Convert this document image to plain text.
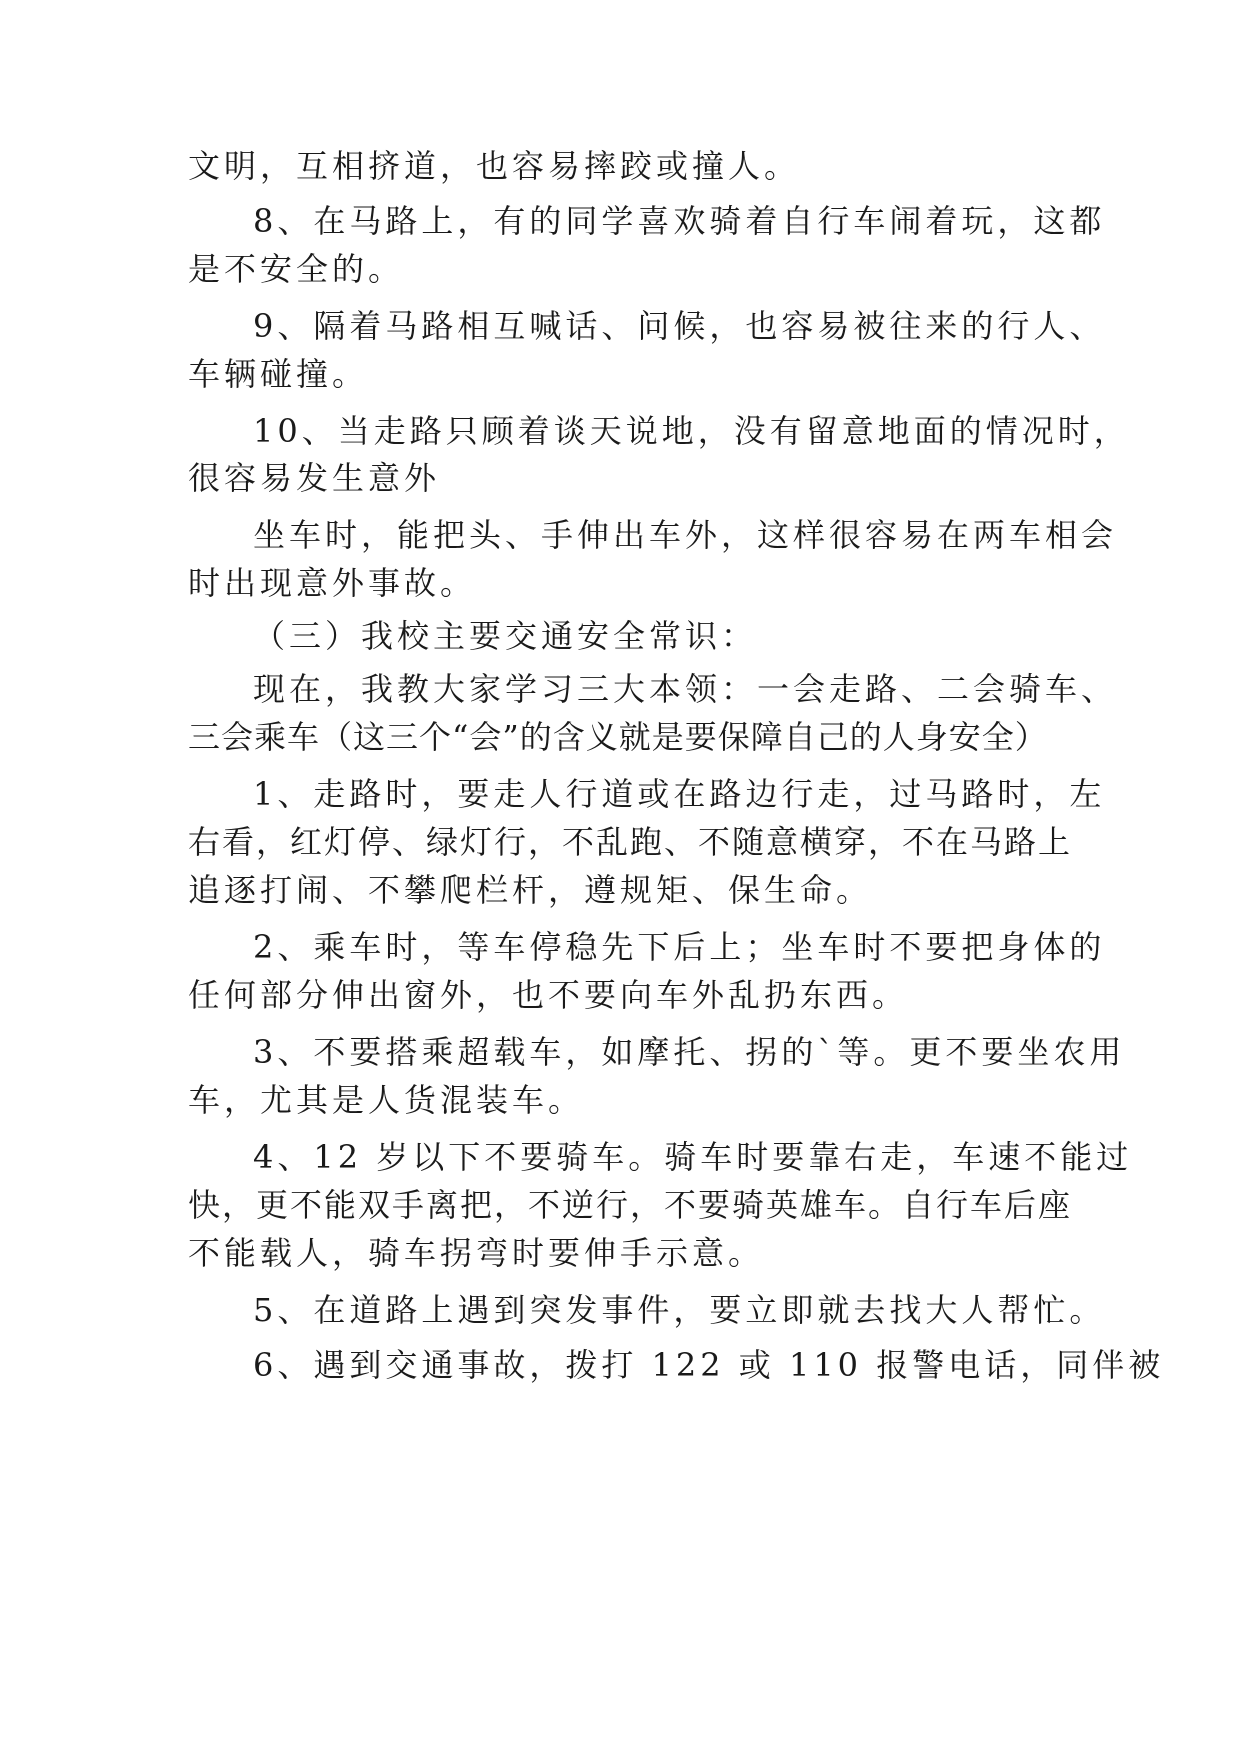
文明，互相挤道，也容易摔跤或撞人。
8、在马路上，有的同学喜欢骑着自行车闹着玩，这都
是不安全的。
9、隔着马路相互喊话、问候，也容易被往来的行人、
车辆碰撞。
10、当走路只顾着谈天说地，没有留意地面的情况时，
很容易发生意外
坐车时，能把头、手伸出车外，这样很容易在两车相会
时出现意外事故。
（三）我校主要交通安全常识：
现在，我教大家学习三大本领：一会走路、二会骑车、
三会乘车（这三个“会”的含义就是要保障自己的人身安全）
1、走路时，要走人行道或在路边行走，过马路时，左
右看，红灯停、绿灯行，不乱跑、不随意横穿，不在马路上
追逐打闹、不攀爬栏杆，遵规矩、保生命。
2、乘车时，等车停稳先下后上；坐车时不要把身体的
任何部分伸出窗外，也不要向车外乱扔东西。
3、不要搭乘超载车，如摩托、拐的`等。更不要坐农用
车，尤其是人货混装车。
4、12 岁以下不要骑车。骑车时要靠右走，车速不能过
快，更不能双手离把，不逆行，不要骑英雄车。自行车后座
不能载人，骑车拐弯时要伸手示意。
5、在道路上遇到突发事件，要立即就去找大人帮忙。
6、遇到交通事故，拨打 122 或 110 报警电话，同伴被
